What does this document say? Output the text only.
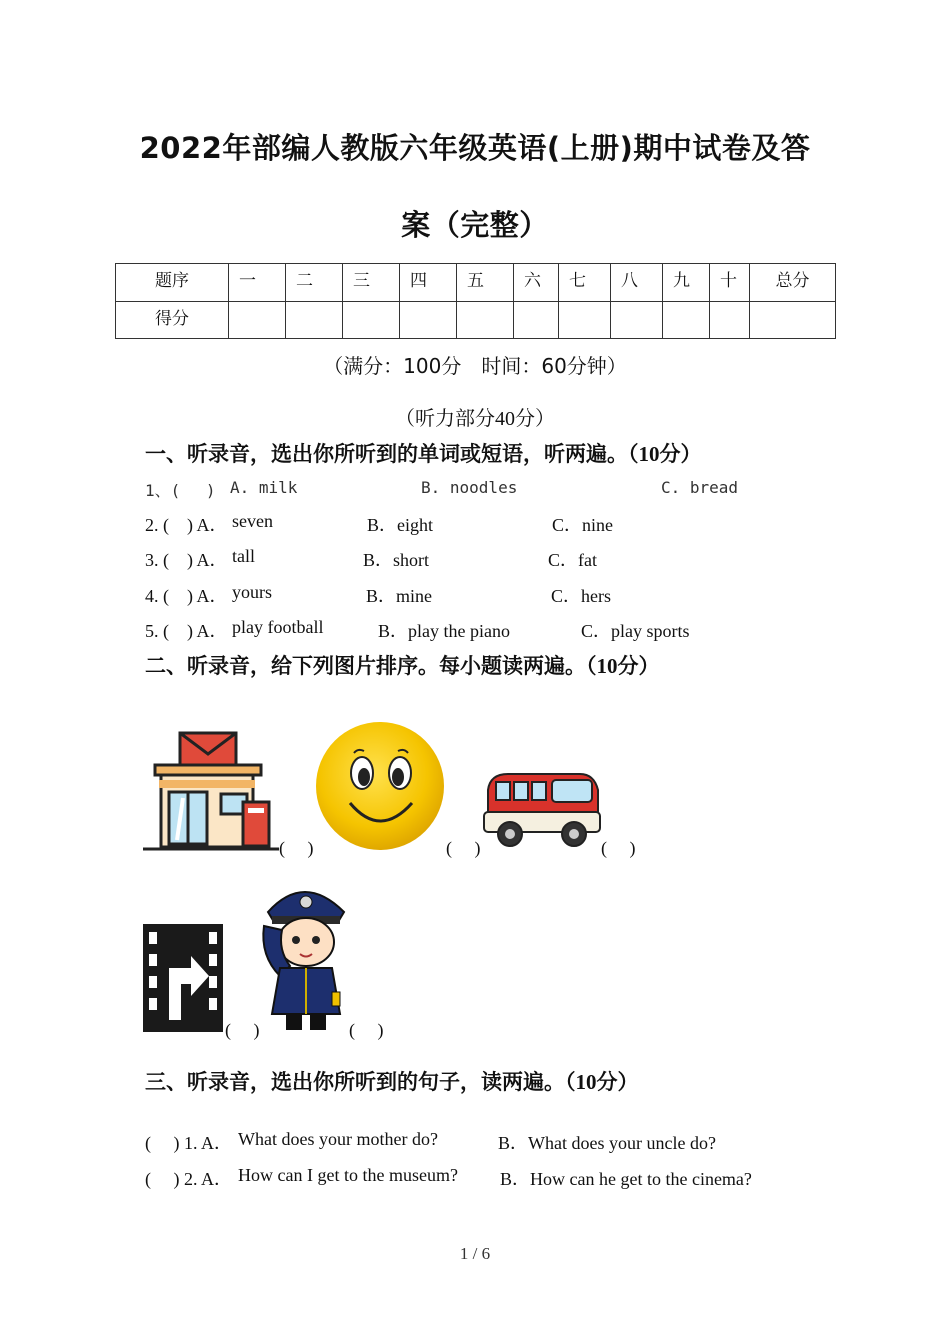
2022年部编人教版六年级英语(上册)期中试卷及答
案（完整）
题序	一	二	三	四	五	六	七	八	九	十	总分
得分											
（满分：100分　时间：60分钟）
（听力部分40分）
一、听录音，选出你所听到的单词或短语，听两遍。（10分）
1、(　 ) A. milk	B. noodles	C. bread
2. (　) A． seven	B．eight	C．nine
3. (　) A． tall	B．short	C．fat
4. (　) A． yours	B．mine	C．hers
5. (　) A． play football	B．play the piano	C．play sports
二、听录音，给下列图片排序。每小题读两遍。（10分）
(　 )	(　 )	(　 )
(　 )	(　 )
三、听录音，选出你所听到的句子，读两遍。（10分）
(　 ) 1. A． What does your mother do?	B．What does your uncle do?
(　 ) 2. A． How can I get to the museum? B．How can he get to the cinema?
1 / 6
